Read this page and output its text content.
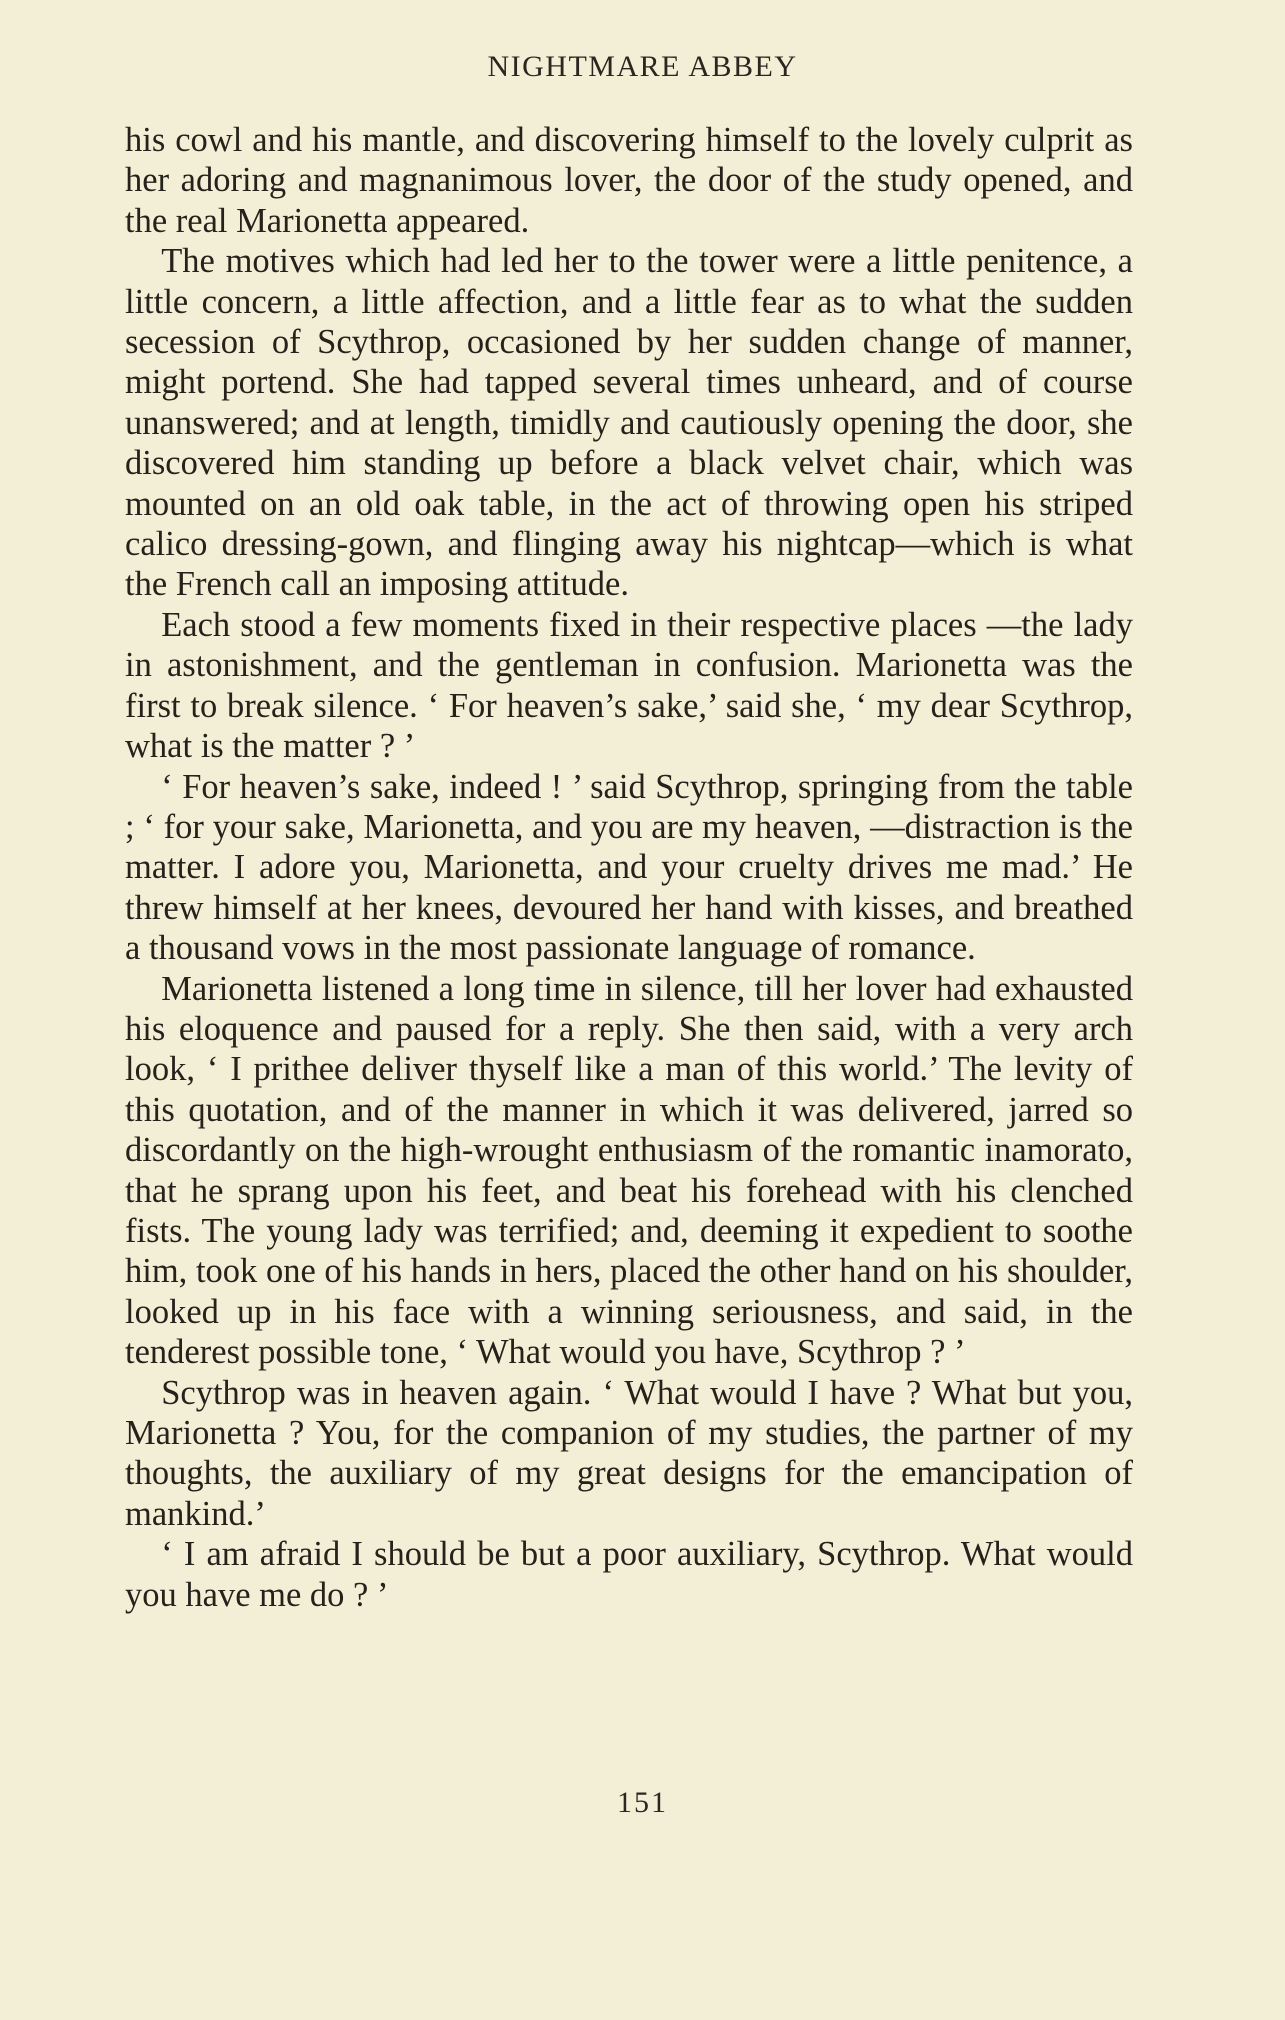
NIGHTMARE ABBEY

his cowl and his mantle, and discovering himself to the lovely culprit as her adoring and magnanimous lover, the door of the study opened, and the real Marionetta appeared.

The motives which had led her to the tower were a little penitence, a little concern, a little affection, and a little fear as to what the sudden secession of Scythrop, occasioned by her sudden change of manner, might portend. She had tapped several times unheard, and of course unanswered; and at length, timidly and cautiously opening the door, she discovered him standing up before a black velvet chair, which was mounted on an old oak table, in the act of throwing open his striped calico dressing-gown, and flinging away his nightcap—which is what the French call an imposing attitude.

Each stood a few moments fixed in their respective places —the lady in astonishment, and the gentleman in confusion. Marionetta was the first to break silence. ‘ For heaven’s sake,’ said she, ‘ my dear Scythrop, what is the matter ? ’

‘ For heaven’s sake, indeed ! ’ said Scythrop, springing from the table ; ‘ for your sake, Marionetta, and you are my heaven, —distraction is the matter. I adore you, Marionetta, and your cruelty drives me mad.’ He threw himself at her knees, devoured her hand with kisses, and breathed a thousand vows in the most passionate language of romance.

Marionetta listened a long time in silence, till her lover had exhausted his eloquence and paused for a reply. She then said, with a very arch look, ‘ I prithee deliver thyself like a man of this world.’ The levity of this quotation, and of the manner in which it was delivered, jarred so discordantly on the high-wrought enthusiasm of the romantic inamorato, that he sprang upon his feet, and beat his forehead with his clenched fists. The young lady was terrified; and, deeming it expedient to soothe him, took one of his hands in hers, placed the other hand on his shoulder, looked up in his face with a winning seriousness, and said, in the tenderest possible tone, ‘ What would you have, Scythrop ? ’

Scythrop was in heaven again. ‘ What would I have ? What but you, Marionetta ? You, for the companion of my studies, the partner of my thoughts, the auxiliary of my great designs for the emancipation of mankind.’

‘ I am afraid I should be but a poor auxiliary, Scythrop. What would you have me do ? ’

151
